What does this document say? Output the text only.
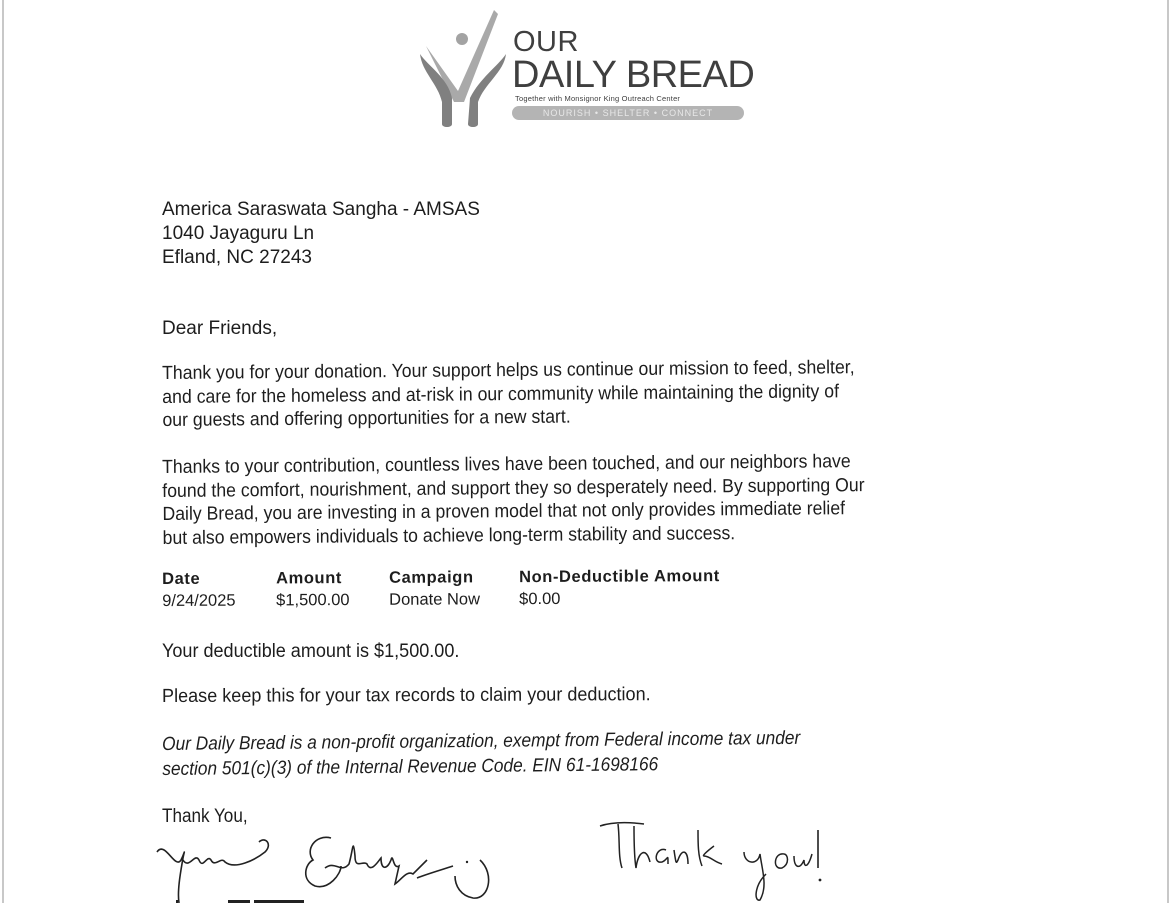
OUR
DAILY BREAD
Together with Monsignor King Outreach Center
NOURISH • SHELTER • CONNECT
America Saraswata Sangha - AMSAS
1040 Jayaguru Ln
Efland, NC 27243
Dear Friends,
Thank you for your donation. Your support helps us continue our mission to feed, shelter,
and care for the homeless and at-risk in our community while maintaining the dignity of
our guests and offering opportunities for a new start.
Thanks to your contribution, countless lives have been touched, and our neighbors have
found the comfort, nourishment, and support they so desperately need. By supporting Our
Daily Bread, you are investing in a proven model that not only provides immediate relief
but also empowers individuals to achieve long-term stability and success.
Date
9/24/2025
Amount
$1,500.00
Campaign
Donate Now
Non-Deductible Amount
$0.00
Your deductible amount is $1,500.00.
Please keep this for your tax records to claim your deduction.
Our Daily Bread is a non-profit organization, exempt from Federal income tax under
section 501(c)(3) of the Internal Revenue Code. EIN 61-1698166
Thank You,
